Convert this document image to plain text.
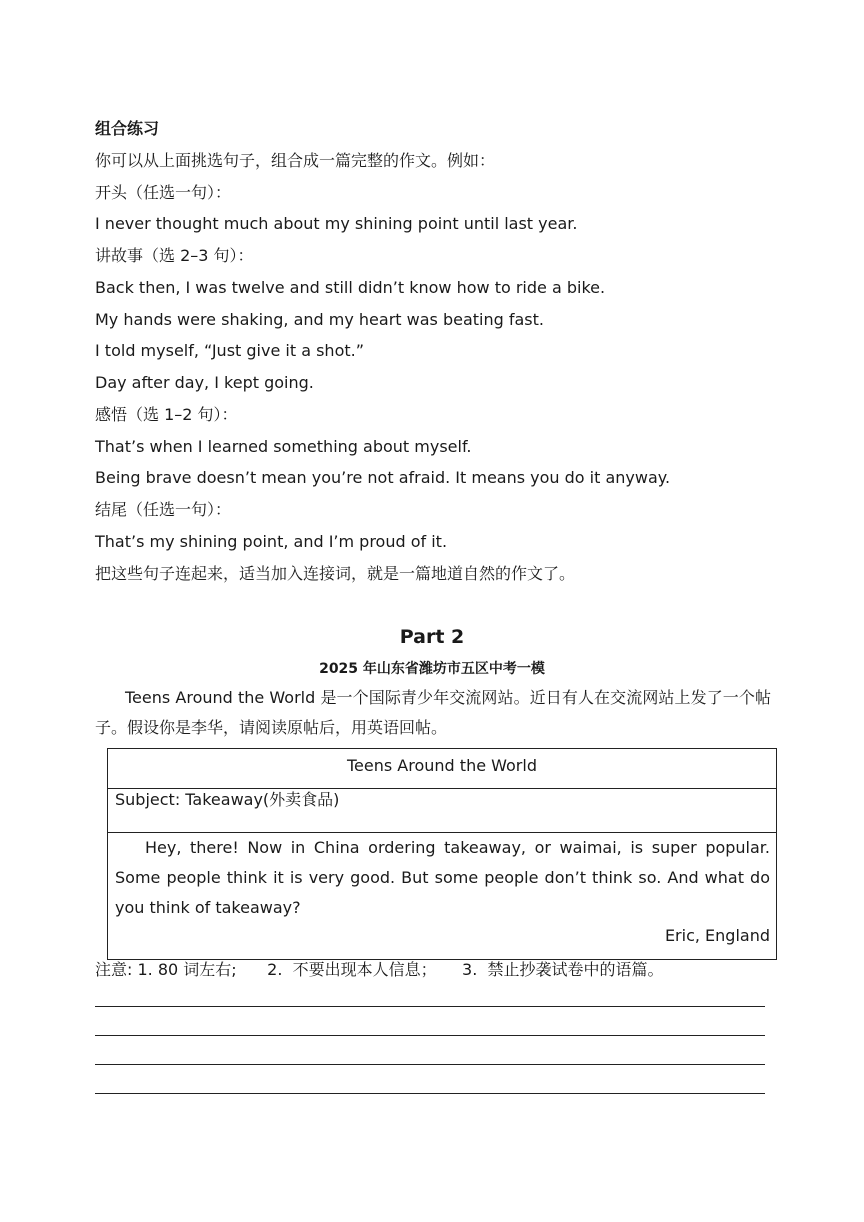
组合练习
你可以从上面挑选句子，组合成一篇完整的作文。例如：
开头（任选一句）：
I never thought much about my shining point until last year.
讲故事（选 2–3 句）：
Back then, I was twelve and still didn’t know how to ride a bike.
My hands were shaking, and my heart was beating fast.
I told myself, “Just give it a shot.”
Day after day, I kept going.
感悟（选 1–2 句）：
That’s when I learned something about myself.
Being brave doesn’t mean you’re not afraid. It means you do it anyway.
结尾（任选一句）：
That’s my shining point, and I’m proud of it.
把这些句子连起来，适当加入连接词，就是一篇地道自然的作文了。
Part 2
2025 年山东省潍坊市五区中考一模
Teens Around the World 是一个国际青少年交流网站。近日有人在交流网站上发了一个帖子。假设你是李华，请阅读原帖后，用英语回帖。
Teens Around the World
Subject: Takeaway(外卖食品)
Hey, there! Now in China ordering takeaway, or waimai, is super popular. Some people think it is very good. But some people don’t think so. And what do you think of takeaway?
Eric, England
注意: 1. 80 词左右;      2.  不要出现本人信息；     3.  禁止抄袭试卷中的语篇。
